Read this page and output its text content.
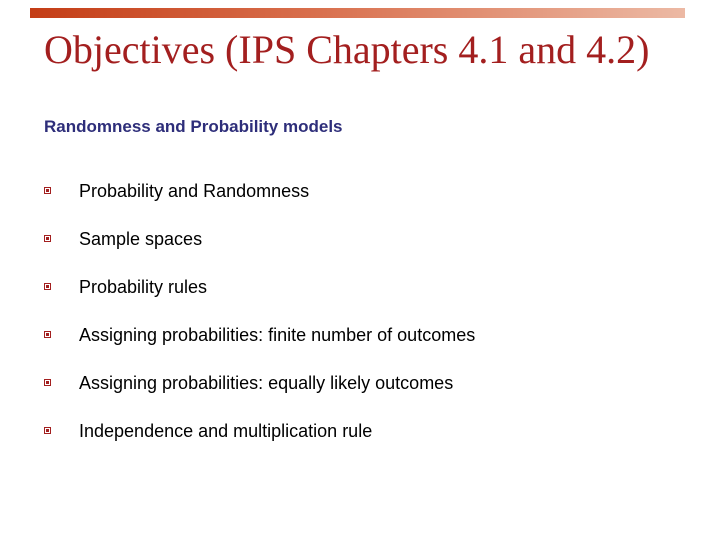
Objectives (IPS Chapters 4.1 and 4.2)
Randomness and Probability models
Probability and Randomness
Sample spaces
Probability rules
Assigning probabilities: finite number of outcomes
Assigning probabilities: equally likely outcomes
Independence and multiplication rule
